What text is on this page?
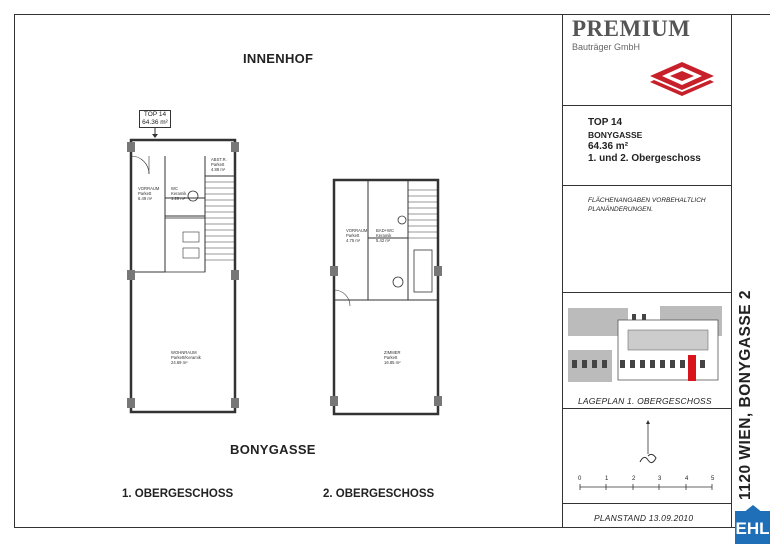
INNENHOF
BONYGASSE
1. OBERGESCHOSS	2. OBERGESCHOSS
TOP 14
64.36 m²
ABST.R.
Parkett
4.88 m²
VORRAUM
Parkett
6.49 m²
WC
Keramik
1.28 m²
WOHNRAUM
Parkett/Keramik
24.69 m²
VORRAUM
Parkett
4.75 m²
BAD+WC
Keramik
5.42 m²
ZIMMER
Parkett
16.85 m²
PREMIUM
Bauträger GmbH
TOP 14
BONYGASSE
64.36 m²
1. und 2. Obergeschoss
FLÄCHENANGABEN VORBEHALTLICH
PLANÄNDERUNGEN.
LAGEPLAN 1. OBERGESCHOSS
0	1	2	3	4	5
PLANSTAND 13.09.2010
1120 WIEN, BONYGASSE 2
EHL
